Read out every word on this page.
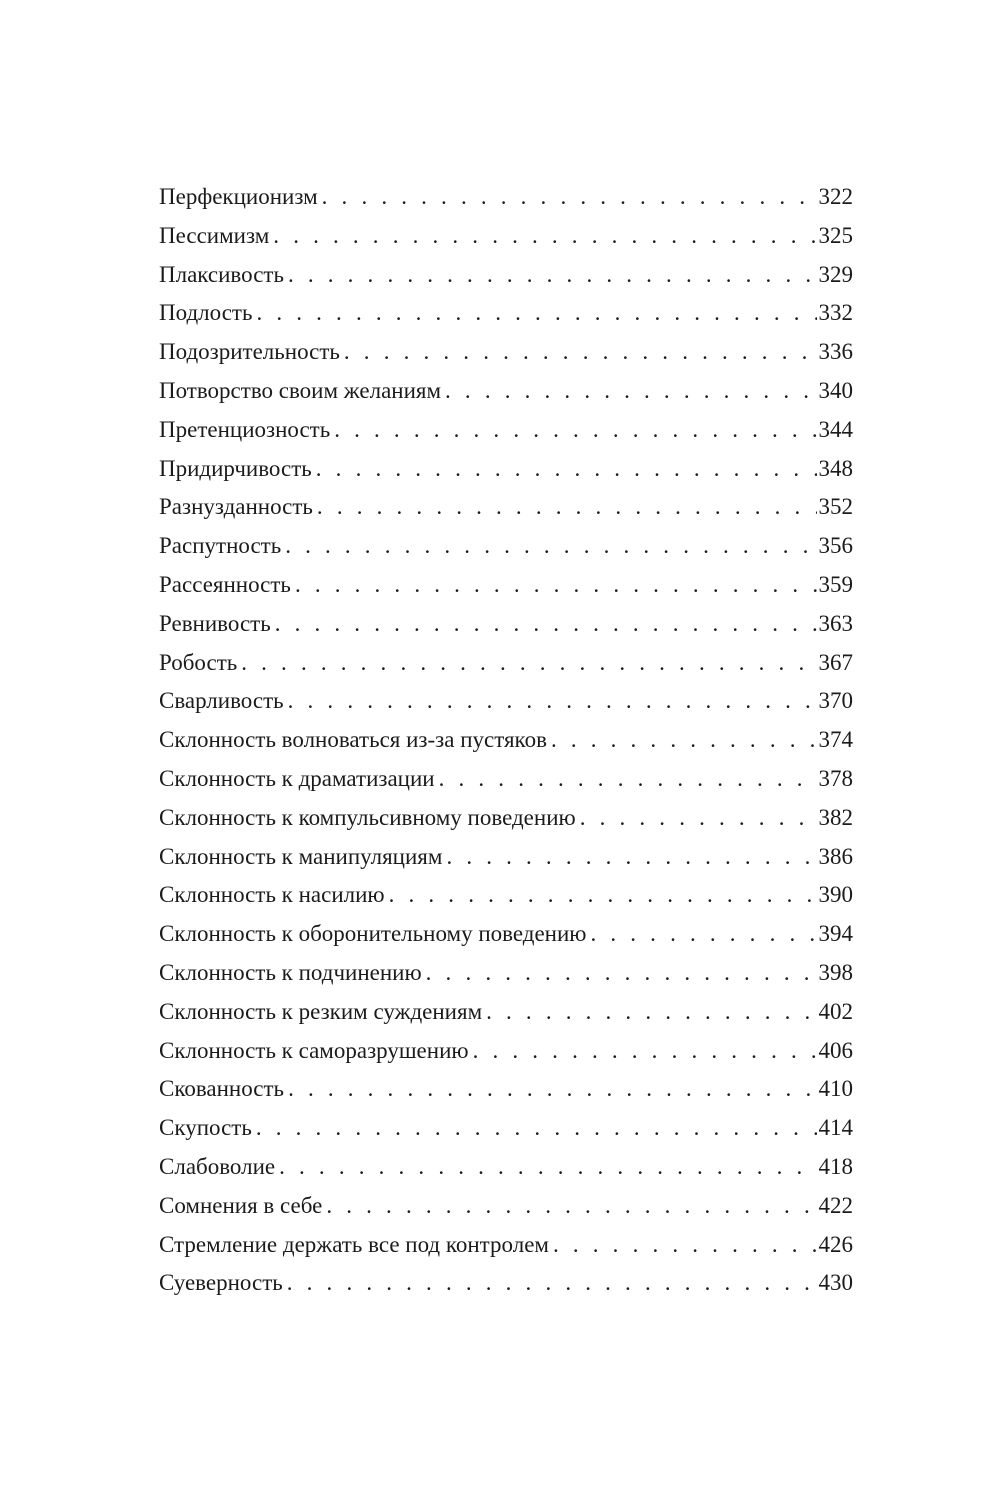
Перфекционизм . . .	322
Пессимизм . . .	325
Плаксивость . . .	329
Подлость . . .	332
Подозрительность . . .	336
Потворство своим желаниям . . .	340
Претенциозность . . .	344
Придирчивость . . .	348
Разнузданность . . .	352
Распутность . . .	356
Рассеянность . . .	359
Ревнивость . . .	363
Робость . . .	367
Сварливость . . .	370
Склонность волноваться из-за пустяков . . .	374
Склонность к драматизации . . .	378
Склонность к компульсивному поведению . . .	382
Склонность к манипуляциям . . .	386
Склонность к насилию . . .	390
Склонность к оборонительному поведению . . .	394
Склонность к подчинению . . .	398
Склонность к резким суждениям . . .	402
Склонность к саморазрушению . . .	406
Скованность . . .	410
Скупость . . .	414
Слабоволие . . .	418
Сомнения в себе . . .	422
Стремление держать все под контролем . . .	426
Суеверность . . .	430
